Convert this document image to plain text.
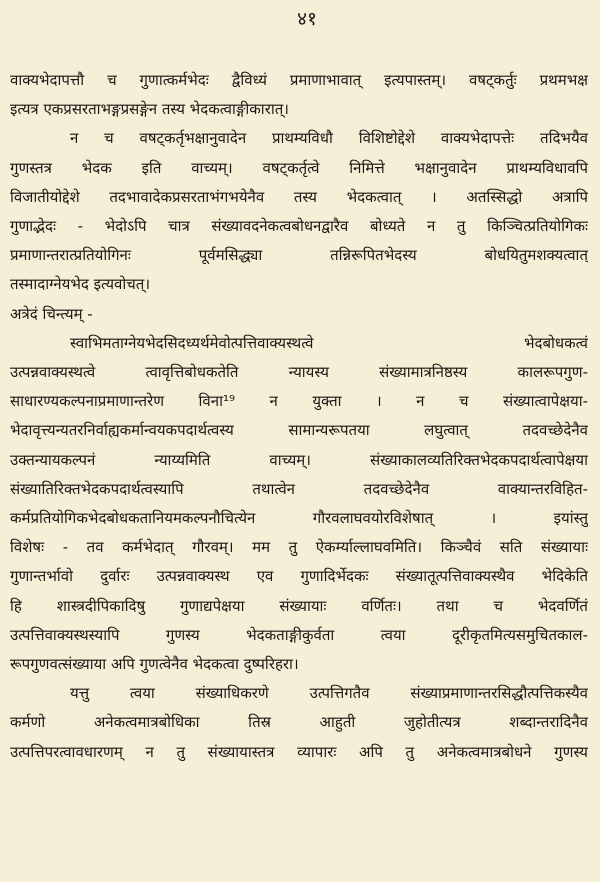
४१
वाक्यभेदापत्तौ च गुणात्कर्मभेदः द्वैविध्यं प्रमाणाभावात् इत्यपास्तम्। वषट्कर्तुः प्रथमभक्ष
इत्यत्र एकप्रसरताभङ्गप्रसङ्गेन तस्य भेदकत्वाङ्गीकारात्।
न च वषट्कर्तृभक्षानुवादेन प्राथम्यविधौ विशिष्टोद्देशे वाक्यभेदापत्तेः तदिभयैव
गुणस्तत्र भेदक इति वाच्यम्। वषट्कर्तृत्वे निमित्ते भक्षानुवादेन प्राथम्यविधावपि
विजातीयोद्देशे तदभावादेकप्रसरताभंगभयेनैव तस्य भेदकत्वात् । अतस्सिद्धो अत्रापि
गुणाद्भेदः - भेदोऽपि चात्र संख्यावदनेकत्वबोधनद्वारैव बोध्यते न तु किञ्चित्प्रतियोगिकः
प्रमाणान्तरात्प्रतियोगिनः पूर्वमसिद्ध्या तन्निरूपितभेदस्य बोधयितुमशक्यत्वात्
तस्मादाग्नेयभेद इत्यवोचत्।
अत्रेदं चिन्त्यम् -
स्वाभिमताग्नेयभेदसिदध्यर्थमेवोत्पत्तिवाक्यस्थत्वे भेदबोधकत्वं
उत्पन्नवाक्यस्थत्वे त्वावृत्तिबोधकतेति न्यायस्य संख्यामात्रनिष्ठस्य कालरूपगुण-
साधारण्यकल्पनाप्रमाणान्तरेण विना¹⁹ न युक्ता । न च संख्यात्वापेक्षया-
भेदावृत्त्यन्यतरनिर्वाह्यकर्मान्वयकपदार्थत्वस्य सामान्यरूपतया लघुत्वात् तदवच्छेदेनैव
उक्तन्यायकल्पनं न्याय्यमिति वाच्यम्। संख्याकालव्यतिरिक्तभेदकपदार्थत्वापेक्षया
संख्यातिरिक्तभेदकपदार्थत्वस्यापि तथात्वेन तदवच्छेदेनैव वाक्यान्तरविहित-
कर्मप्रतियोगिकभेदबोधकतानियमकल्पनौचित्येन गौरवलाघवयोरविशेषात् । इयांस्तु
विशेषः - तव कर्मभेदात् गौरवम्। मम तु ऐकर्म्याल्लाघवमिति। किञ्चैवं सति संख्यायाः
गुणान्तर्भावो दुर्वारः उत्पन्नवाक्यस्थ एव गुणादिर्भेदकः संख्यातूत्पत्तिवाक्यस्थैव भेदिकेति
हि शास्त्रदीपिकादिषु गुणाद्यपेक्षया संख्यायाः वर्णितः। तथा च भेदवर्णितं
उत्पत्तिवाक्यस्थस्यापि गुणस्य भेदकताङ्गीकुर्वता त्वया दूरीकृतमित्यसमुचितकाल-
रूपगुणवत्संख्याया अपि गुणत्वेनैव भेदकत्वा दुष्परिहरा।
यत्तु त्वया संख्याधिकरणे उत्पत्तिगतैव संख्याप्रमाणान्तरसिद्धौत्पत्तिकस्यैव
कर्मणो अनेकत्वमात्रबोधिका तिस्र आहुती जुहोतीत्यत्र शब्दान्तरादिनैव
उत्पत्तिपरत्वावधारणम् न तु संख्यायास्तत्र व्यापारः अपि तु अनेकत्वमात्रबोधने गुणस्य
